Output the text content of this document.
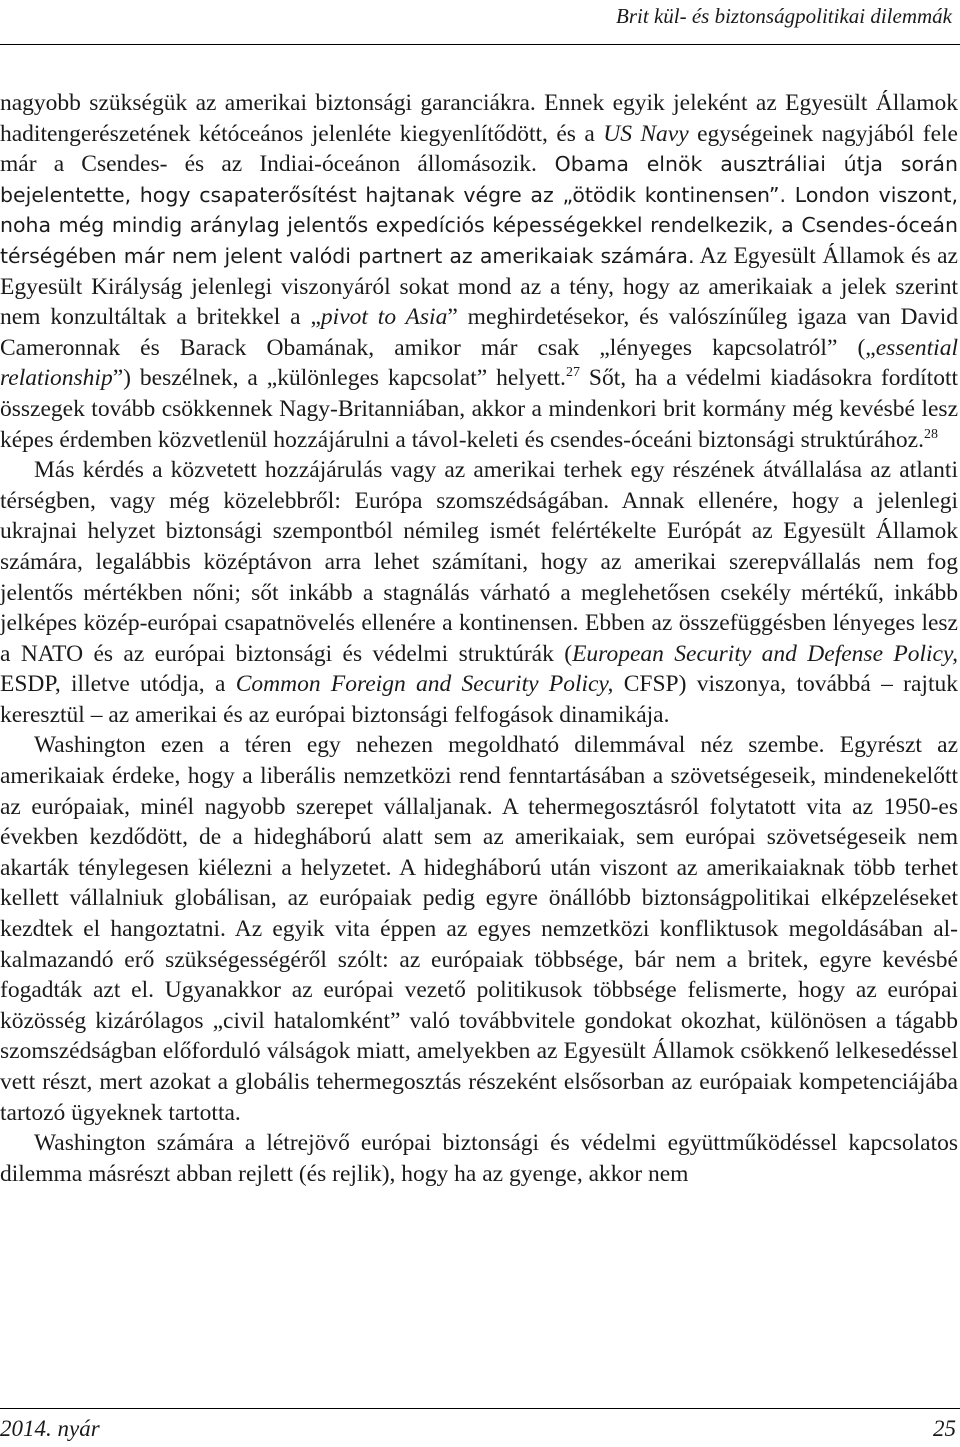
Brit kül- és biztonságpolitikai dilemmák

nagyobb szükségük az amerikai biztonsági garanciákra. Ennek egyik jeleként az Egyesült Államok haditengerészetének kétóceános jelenléte kiegyenlítődött, és a US Navy egységeinek nagyjából fele már a Csendes- és az Indiai-óceánon állomásozik. Obama elnök ausztráliai útja során bejelentette, hogy csapaterősítést hajtanak végre az „ötödik kontinensen”. London viszont, noha még mindig aránylag jelentős expedíciós képességekkel rendelkezik, a Csendes-óceán térségében már nem jelent valódi partnert az amerikaiak számára. Az Egyesült Államok és az Egyesült Királyság jelenlegi viszonyáról sokat mond az a tény, hogy az amerikaiak a jelek szerint nem konzultáltak a britekkel a „pivot to Asia” meghirdetésekor, és valószínűleg igaza van David Cameronnak és Barack Obamának, amikor már csak „lényeges kapcsolatról” („essential relationship”) beszélnek, a „különleges kapcsolat” helyett.$^{27}$ Sőt, ha a védelmi kiadásokra fordított összegek tovább csökkennek Nagy-Britanniában, akkor a mindenkori brit kormány még kevésbé lesz képes érdemben közvetlenül hozzájárulni a távol-keleti és csendes-óceáni biztonsági struktúrához.$^{28}$

Más kérdés a közvetett hozzájárulás vagy az amerikai terhek egy részének átvállalása az atlanti térségben, vagy még közelebbről: Európa szomszédságában. Annak ellenére, hogy a jelenlegi ukrajnai helyzet biztonsági szempontból némileg ismét felértékelte Európát az Egyesült Államok számára, legalábbis középtávon arra lehet számítani, hogy az amerikai szerepvállalás nem fog jelentős mértékben nőni; sőt inkább a stagnálás várható a meglehetősen csekély mértékű, inkább jelképes közép-európai csapatnövelés ellenére a kontinensen. Ebben az összefüggésben lényeges lesz a NATO és az európai biztonsági és védelmi struktúrák (European Security and Defense Policy, ESDP, illetve utódja, a Common Foreign and Security Policy, CFSP) viszonya, továbbá – rajtuk keresztül – az amerikai és az európai biztonsági felfogások dinamikája.

Washington ezen a téren egy nehezen megoldható dilemmával néz szembe. Egyrészt az amerikaiak érdeke, hogy a liberális nemzetközi rend fenntartásában a szövetségeseik, mindenekelőtt az európaiak, minél nagyobb szerepet vállaljanak. A tehermegosztásról folytatott vita az 1950-es években kezdődött, de a hidegháború alatt sem az amerikaiak, sem európai szövetségeseik nem akarták ténylegesen kiélezni a helyzetet. A hidegháború után viszont az amerikaiaknak több terhet kellett vállalniuk globálisan, az európaiak pedig egyre önállóbb biztonságpolitikai elképzeléseket kezdtek el hangoztatni. Az egyik vita éppen az egyes nemzetközi konfliktusok megoldásában alkalmazandó erő szükségességéről szólt: az európaiak többsége, bár nem a britek, egyre kevésbé fogadták azt el. Ugyanakkor az európai vezető politikusok többsége felismerte, hogy az európai közösség kizárólagos „civil hatalomként” való továbbvitele gondokat okozhat, különösen a tágabb szomszédságban előforduló válságok miatt, amelyekben az Egyesült Államok csökkenő lelkesedéssel vett részt, mert azokat a globális tehermegosztás részeként elsősorban az európaiak kompetenciájába tartozó ügyeknek tartotta.

Washington számára a létrejövő európai biztonsági és védelmi együttműködéssel kapcsolatos dilemma másrészt abban rejlett (és rejlik), hogy ha az gyenge, akkor nem

2014. nyár	25
